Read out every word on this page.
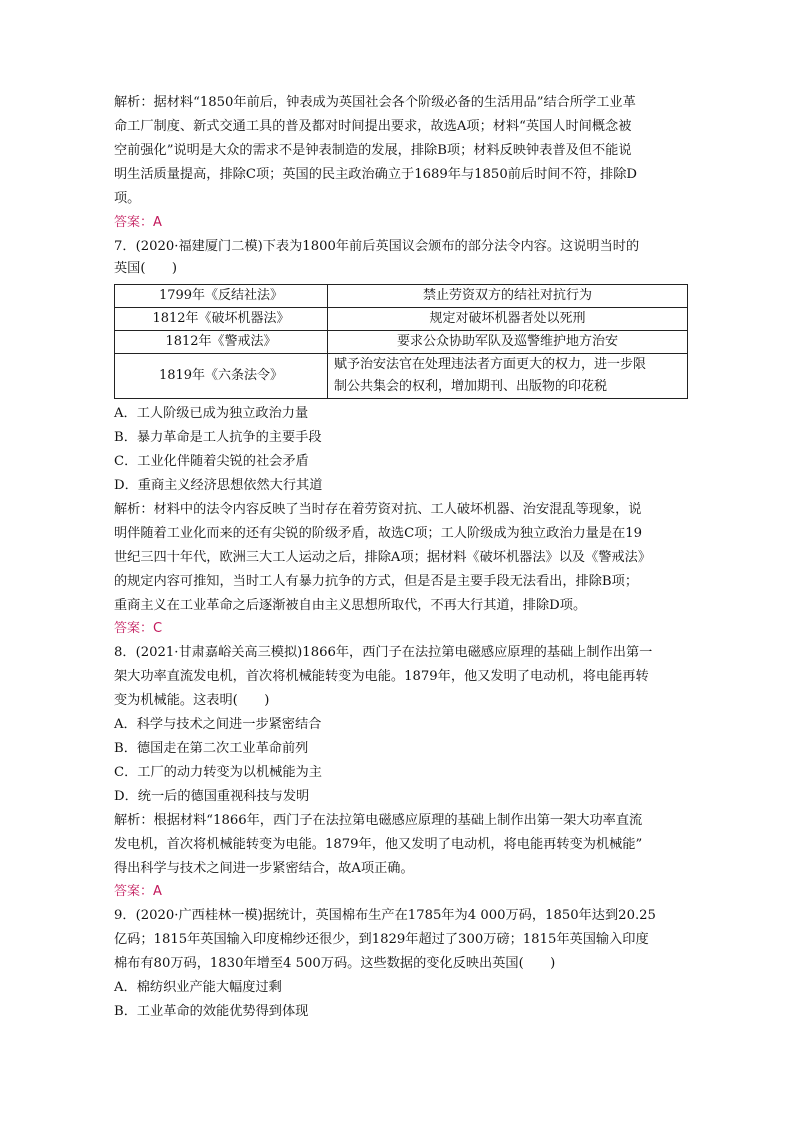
解析：据材料“1850年前后，钟表成为英国社会各个阶级必备的生活用品”结合所学工业革
命工厂制度、新式交通工具的普及都对时间提出要求，故选A项；材料“英国人时间概念被
空前强化”说明是大众的需求不是钟表制造的发展，排除B项；材料反映钟表普及但不能说
明生活质量提高，排除C项；英国的民主政治确立于1689年与1850前后时间不符，排除D
项。
答案：A
7．(2020·福建厦门二模)下表为1800年前后英国议会颁布的部分法令内容。这说明当时的
英国(　　)
1799年《反结社法》	禁止劳资双方的结社对抗行为
1812年《破坏机器法》	规定对破坏机器者处以死刑
1812年《警戒法》	要求公众协助军队及巡警维护地方治安
1819年《六条法令》	赋予治安法官在处理违法者方面更大的权力，进一步限
制公共集会的权利，增加期刊、出版物的印花税
A．工人阶级已成为独立政治力量
B．暴力革命是工人抗争的主要手段
C．工业化伴随着尖锐的社会矛盾
D．重商主义经济思想依然大行其道
解析：材料中的法令内容反映了当时存在着劳资对抗、工人破坏机器、治安混乱等现象，说
明伴随着工业化而来的还有尖锐的阶级矛盾，故选C项；工人阶级成为独立政治力量是在19
世纪三四十年代，欧洲三大工人运动之后，排除A项；据材料《破坏机器法》以及《警戒法》
的规定内容可推知，当时工人有暴力抗争的方式，但是否是主要手段无法看出，排除B项；
重商主义在工业革命之后逐渐被自由主义思想所取代，不再大行其道，排除D项。
答案：C
8．(2021·甘肃嘉峪关高三模拟)1866年，西门子在法拉第电磁感应原理的基础上制作出第一
架大功率直流发电机，首次将机械能转变为电能。1879年，他又发明了电动机，将电能再转
变为机械能。这表明(　　)
A．科学与技术之间进一步紧密结合
B．德国走在第二次工业革命前列
C．工厂的动力转变为以机械能为主
D．统一后的德国重视科技与发明
解析：根据材料“1866年，西门子在法拉第电磁感应原理的基础上制作出第一架大功率直流
发电机，首次将机械能转变为电能。1879年，他又发明了电动机，将电能再转变为机械能”
得出科学与技术之间进一步紧密结合，故A项正确。
答案：A
9．(2020·广西桂林一模)据统计，英国棉布生产在1785年为4 000万码，1850年达到20.25
亿码；1815年英国输入印度棉纱还很少，到1829年超过了300万磅；1815年英国输入印度
棉布有80万码，1830年增至4 500万码。这些数据的变化反映出英国(　　)
A．棉纺织业产能大幅度过剩
B．工业革命的效能优势得到体现
